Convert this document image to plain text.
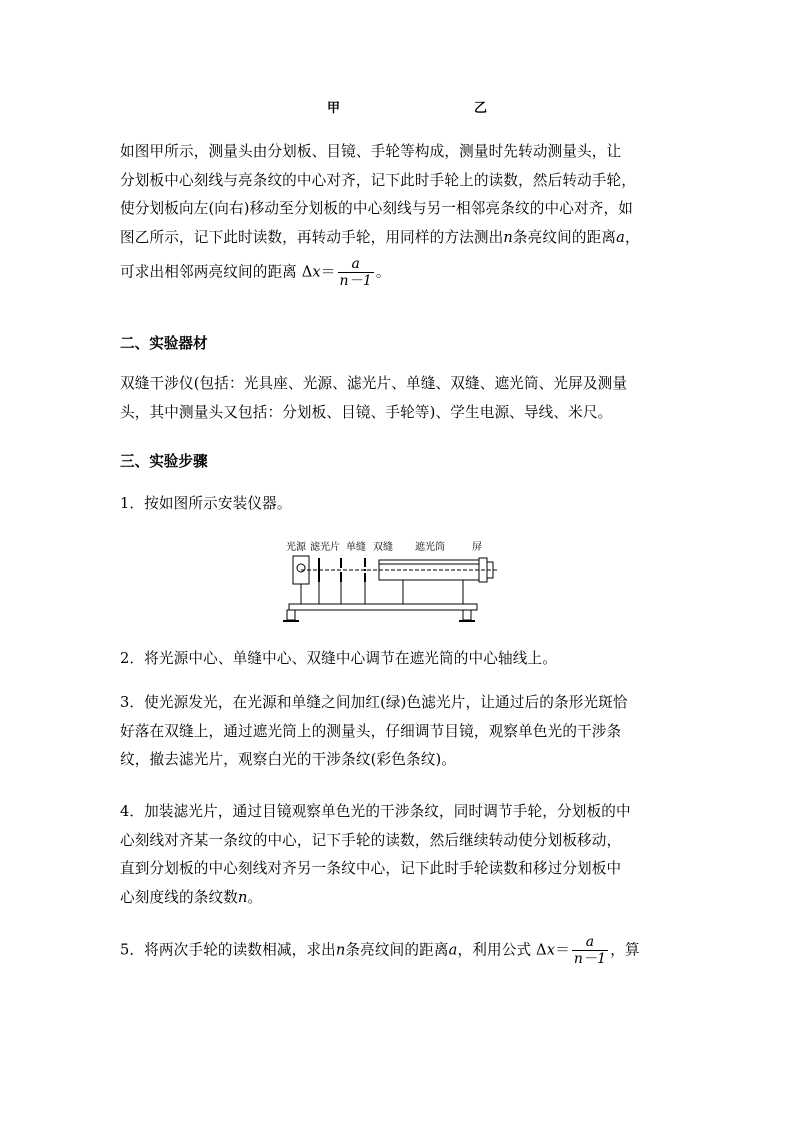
甲	乙
如图甲所示，测量头由分划板、目镜、手轮等构成，测量时先转动测量头，让
分划板中心刻线与亮条纹的中心对齐，记下此时手轮上的读数，然后转动手轮，
使分划板向左(向右)移动至分划板的中心刻线与另一相邻亮条纹的中心对齐，如
图乙所示，记下此时读数，再转动手轮，用同样的方法测出n条亮纹间的距离a，
可求出相邻两亮纹间的距离 $\Delta x= \frac{a}{n-1}$ 。
二、实验器材
双缝干涉仪(包括：光具座、光源、滤光片、单缝、双缝、遮光筒、光屏及测量
头，其中测量头又包括：分划板、目镜、手轮等)、学生电源、导线、米尺。
三、实验步骤
1．按如图所示安装仪器。
光源 滤光片 单缝 双缝 遮光筒	屏
2．将光源中心、单缝中心、双缝中心调节在遮光筒的中心轴线上。
3．使光源发光，在光源和单缝之间加红(绿)色滤光片，让通过后的条形光斑恰
好落在双缝上，通过遮光筒上的测量头，仔细调节目镜，观察单色光的干涉条
纹，撤去滤光片，观察白光的干涉条纹(彩色条纹)。
4．加装滤光片，通过目镜观察单色光的干涉条纹，同时调节手轮，分划板的中
心刻线对齐某一条纹的中心，记下手轮的读数，然后继续转动使分划板移动，
直到分划板的中心刻线对齐另一条纹中心，记下此时手轮读数和移过分划板中
心刻度线的条纹数n。
5．将两次手轮的读数相减，求出n条亮纹间的距离a，利用公式 $\Delta x= \frac{a}{n-1}$ ，算
